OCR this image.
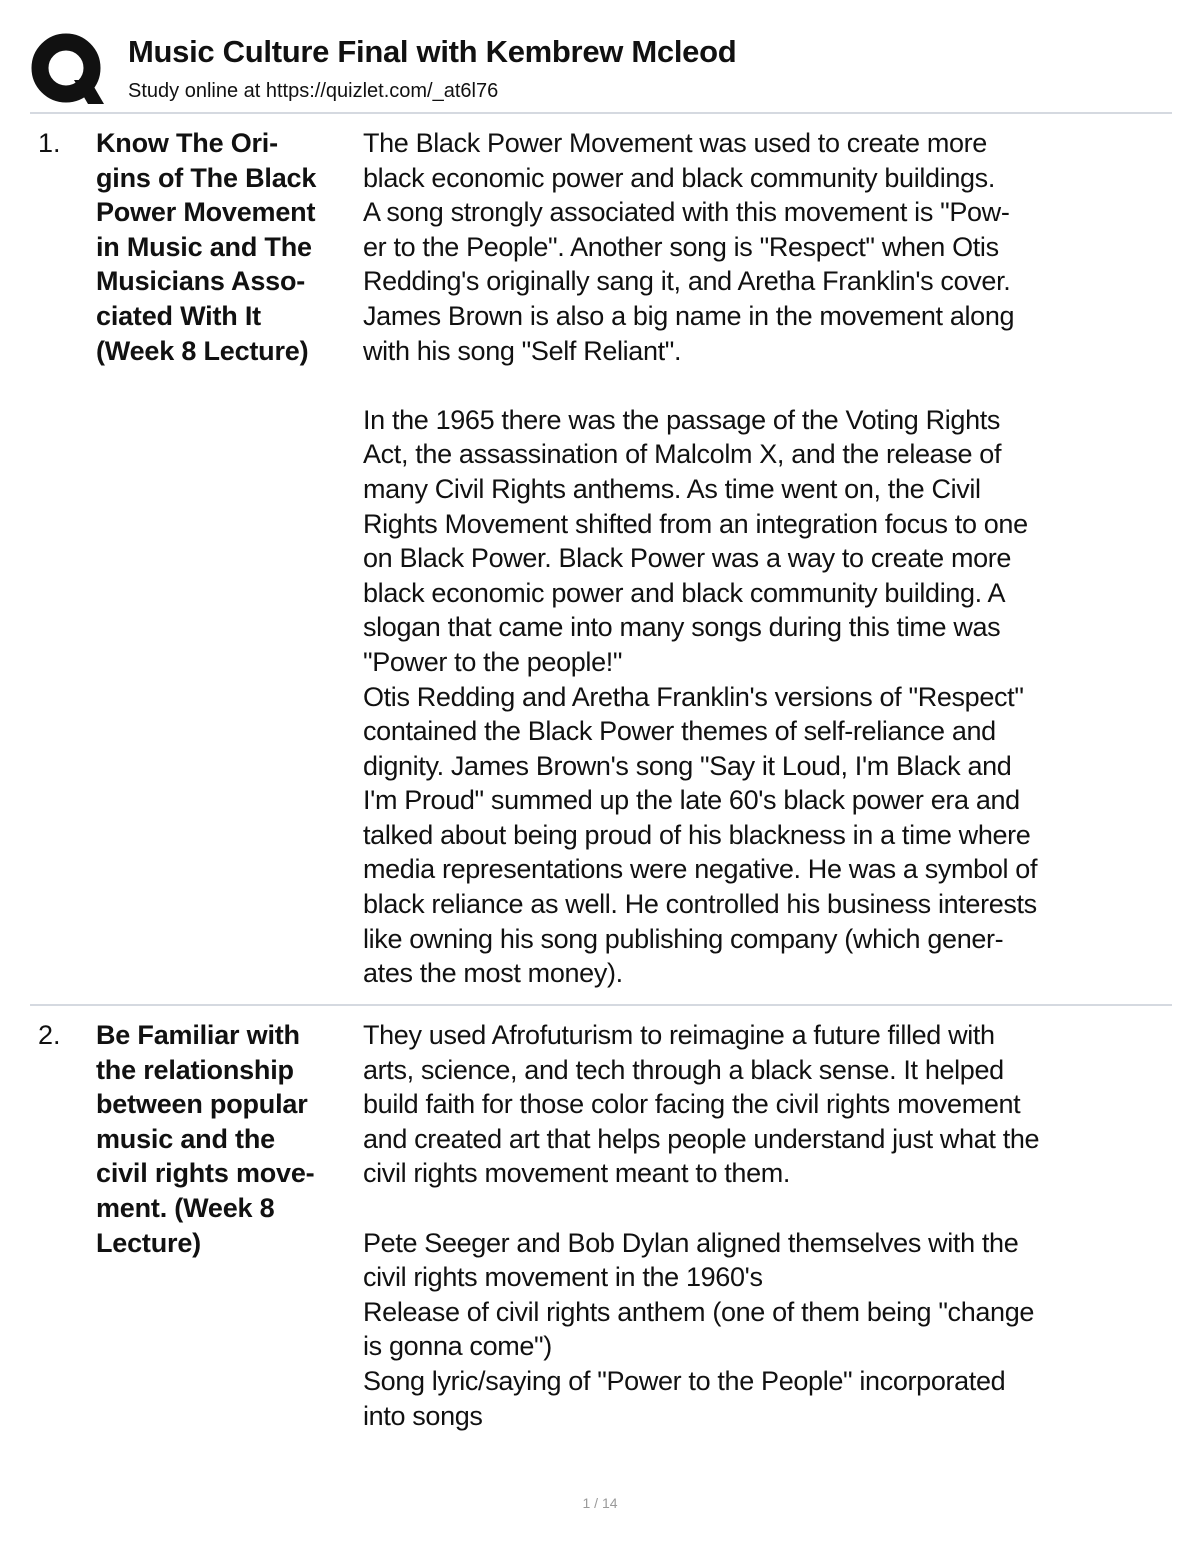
Music Culture Final with Kembrew Mcleod
Study online at https://quizlet.com/_at6l76
1. Know The Ori-
gins of The Black
Power Movement
in Music and The
Musicians Asso-
ciated With It
(Week 8 Lecture)
The Black Power Movement was used to create more
black economic power and black community buildings.
A song strongly associated with this movement is "Pow-
er to the People". Another song is "Respect" when Otis
Redding's originally sang it, and Aretha Franklin's cover.
James Brown is also a big name in the movement along
with his song "Self Reliant".
In the 1965 there was the passage of the Voting Rights
Act, the assassination of Malcolm X, and the release of
many Civil Rights anthems. As time went on, the Civil
Rights Movement shifted from an integration focus to one
on Black Power. Black Power was a way to create more
black economic power and black community building. A
slogan that came into many songs during this time was
"Power to the people!"
Otis Redding and Aretha Franklin's versions of "Respect"
contained the Black Power themes of self-reliance and
dignity. James Brown's song "Say it Loud, I'm Black and
I'm Proud" summed up the late 60's black power era and
talked about being proud of his blackness in a time where
media representations were negative. He was a symbol of
black reliance as well. He controlled his business interests
like owning his song publishing company (which gener-
ates the most money).
2. Be Familiar with
the relationship
between popular
music and the
civil rights move-
ment. (Week 8
Lecture)
They used Afrofuturism to reimagine a future filled with
arts, science, and tech through a black sense. It helped
build faith for those color facing the civil rights movement
and created art that helps people understand just what the
civil rights movement meant to them.
Pete Seeger and Bob Dylan aligned themselves with the
civil rights movement in the 1960's
Release of civil rights anthem (one of them being "change
is gonna come")
Song lyric/saying of "Power to the People" incorporated
into songs
1 / 14
